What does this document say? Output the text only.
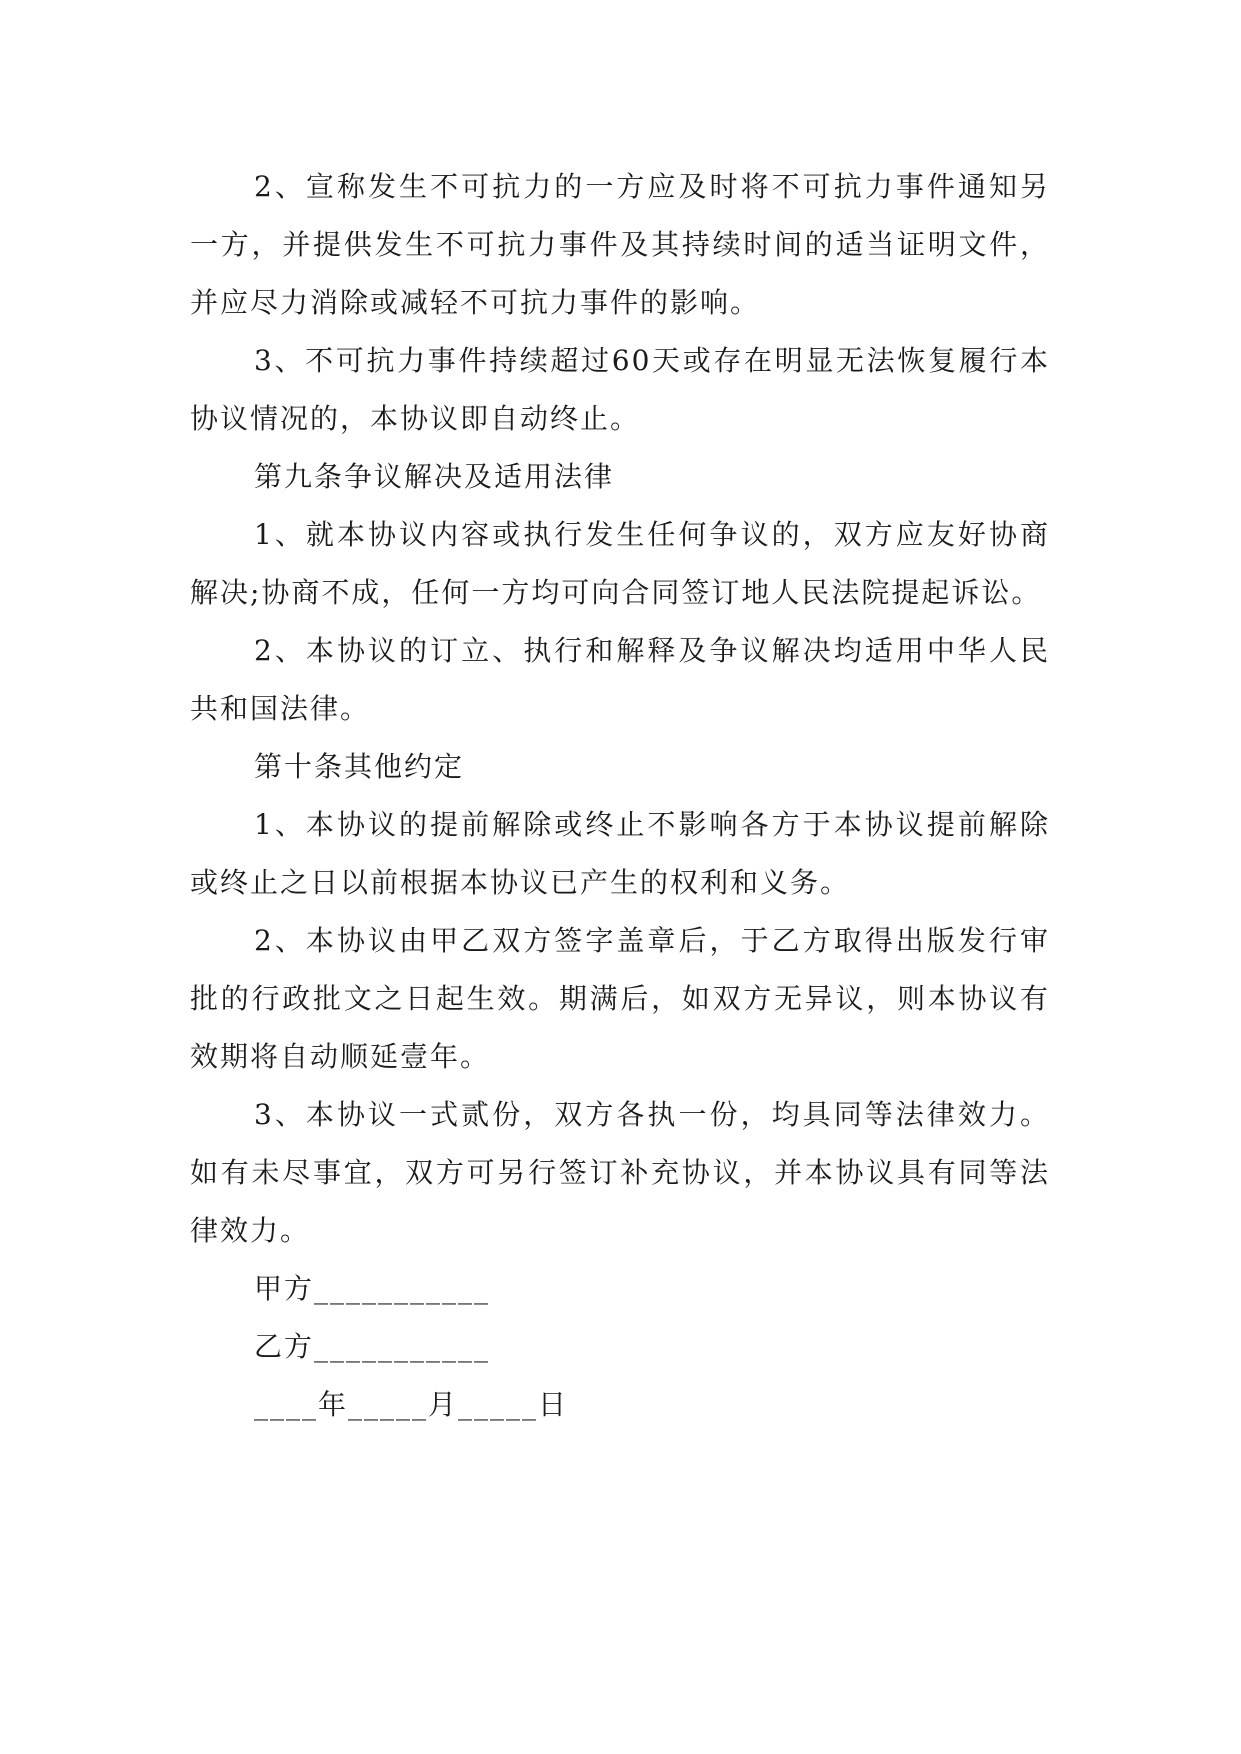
2、宣称发生不可抗力的一方应及时将不可抗力事件通知另一方，并提供发生不可抗力事件及其持续时间的适当证明文件，并应尽力消除或减轻不可抗力事件的影响。

3、不可抗力事件持续超过60天或存在明显无法恢复履行本协议情况的，本协议即自动终止。

第九条争议解决及适用法律

1、就本协议内容或执行发生任何争议的，双方应友好协商解决;协商不成，任何一方均可向合同签订地人民法院提起诉讼。

2、本协议的订立、执行和解释及争议解决均适用中华人民共和国法律。

第十条其他约定

1、本协议的提前解除或终止不影响各方于本协议提前解除或终止之日以前根据本协议已产生的权利和义务。

2、本协议由甲乙双方签字盖章后，于乙方取得出版发行审批的行政批文之日起生效。期满后，如双方无异议，则本协议有效期将自动顺延壹年。

3、本协议一式贰份，双方各执一份，均具同等法律效力。如有未尽事宜，双方可另行签订补充协议，并本协议具有同等法律效力。

甲方___________

乙方___________

____年_____月_____日
